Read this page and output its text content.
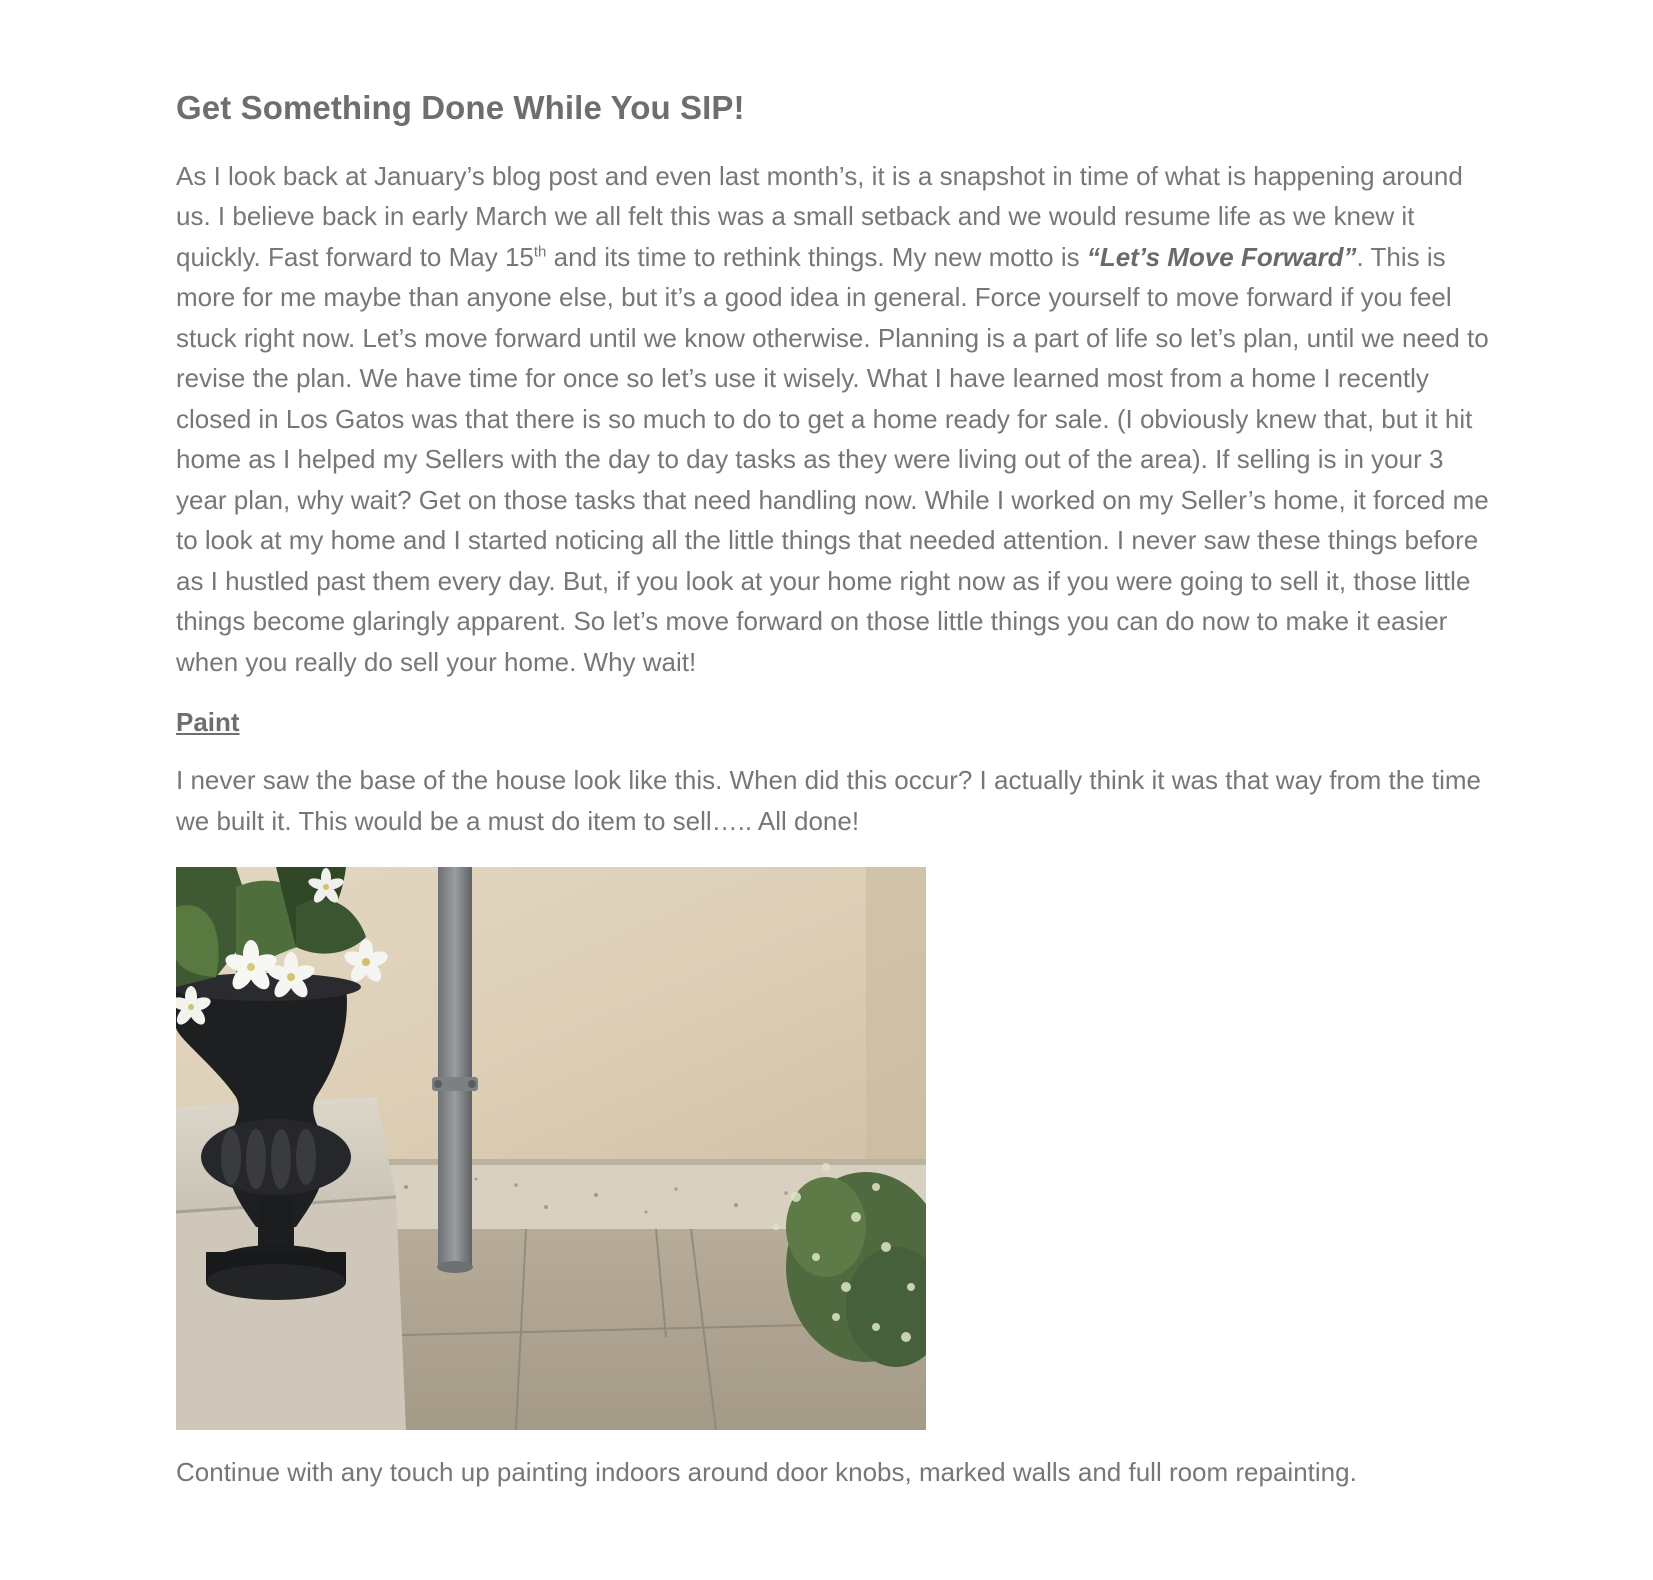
Get Something Done While You SIP!

As I look back at January’s blog post and even last month’s, it is a snapshot in time of what is happening around us. I believe back in early March we all felt this was a small setback and we would resume life as we knew it quickly. Fast forward to May 15th and its time to rethink things. My new motto is “Let’s Move Forward”. This is more for me maybe than anyone else, but it’s a good idea in general. Force yourself to move forward if you feel stuck right now. Let’s move forward until we know otherwise. Planning is a part of life so let’s plan, until we need to revise the plan. We have time for once so let’s use it wisely. What I have learned most from a home I recently closed in Los Gatos was that there is so much to do to get a home ready for sale. (I obviously knew that, but it hit home as I helped my Sellers with the day to day tasks as they were living out of the area). If selling is in your 3 year plan, why wait? Get on those tasks that need handling now. While I worked on my Seller’s home, it forced me to look at my home and I started noticing all the little things that needed attention. I never saw these things before as I hustled past them every day. But, if you look at your home right now as if you were going to sell it, those little things become glaringly apparent. So let’s move forward on those little things you can do now to make it easier when you really do sell your home. Why wait!

Paint

I never saw the base of the house look like this. When did this occur? I actually think it was that way from the time we built it. This would be a must do item to sell….. All done!

Continue with any touch up painting indoors around door knobs, marked walls and full room repainting.
